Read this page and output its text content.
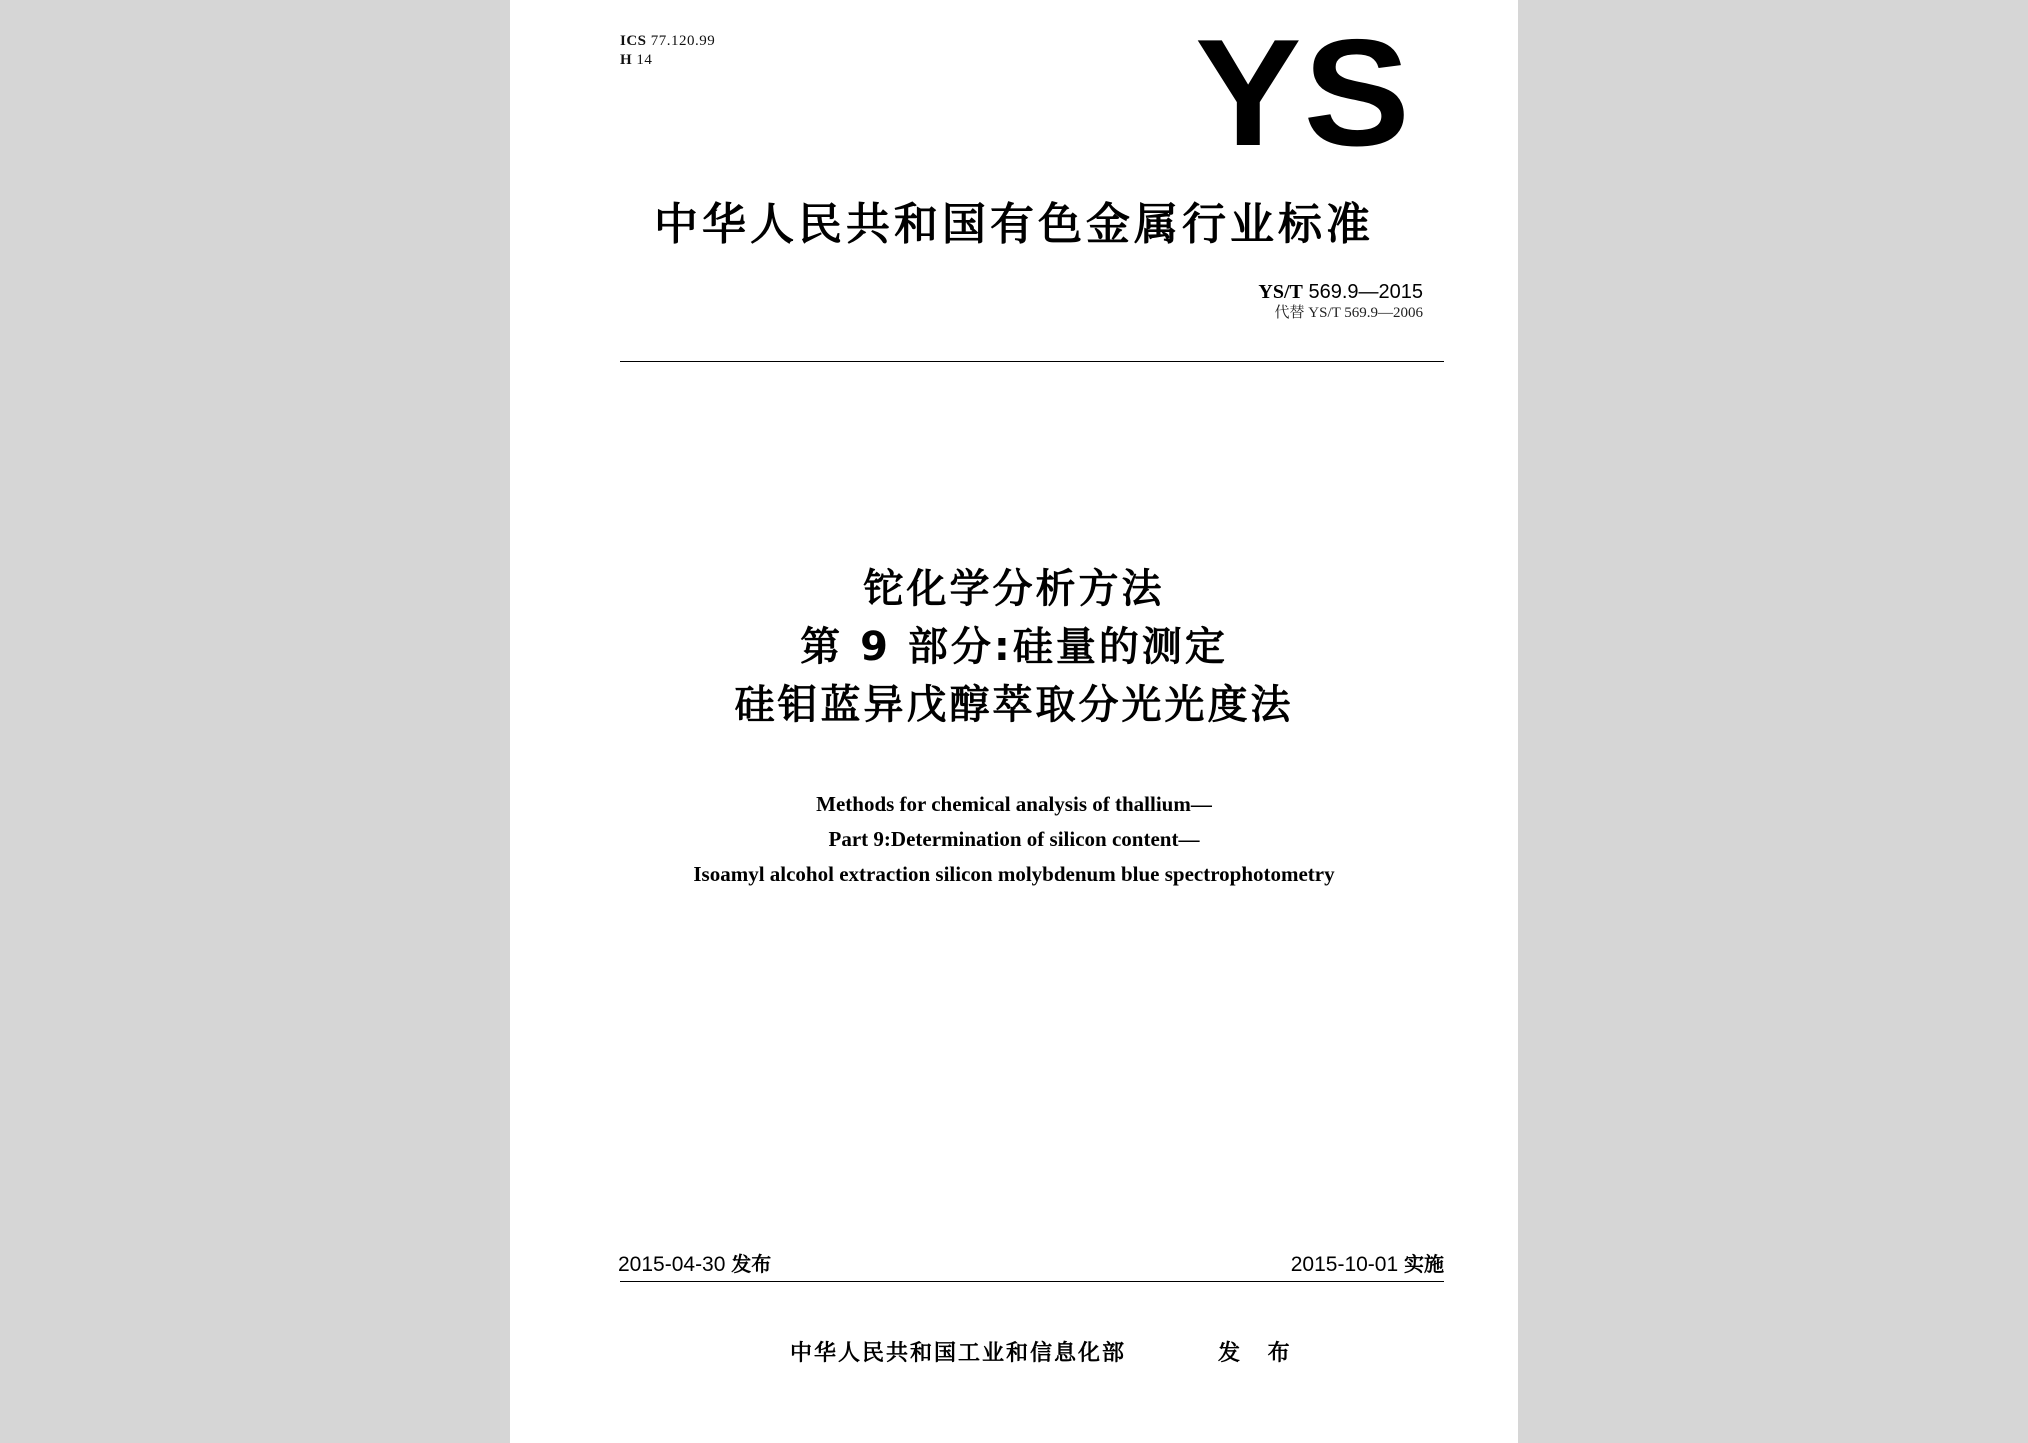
ICS 77.120.99
H 14	YS
中华人民共和国有色金属行业标准
YS/T 569.9—2015
代替 YS/T 569.9—2006
铊化学分析方法
第 9 部分:硅量的测定
硅钼蓝异戊醇萃取分光光度法
Methods for chemical analysis of thallium—
Part 9:Determination of silicon content—
Isoamyl alcohol extraction silicon molybdenum blue spectrophotometry
2015-04-30 发布	2015-10-01 实施
中华人民共和国工业和信息化部	发 布
